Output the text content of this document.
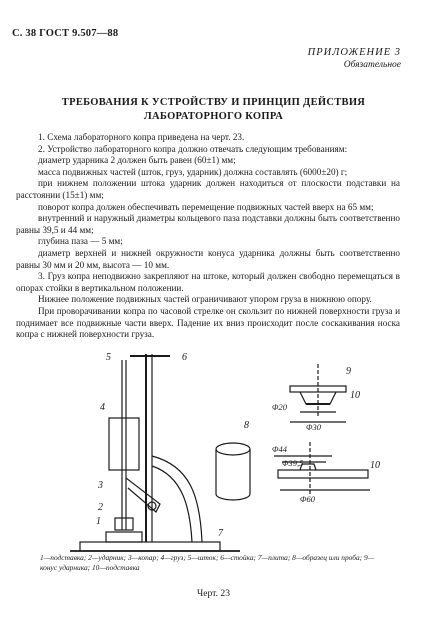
С. 38 ГОСТ 9.507—88
ПРИЛОЖЕНИЕ 3
Обязательное
ТРЕБОВАНИЯ К УСТРОЙСТВУ И ПРИНЦИП ДЕЙСТВИЯ
ЛАБОРАТОРНОГО КОПРА

1. Схема лабораторного копра приведена на черт. 23.

2. Устройство лабораторного копра должно отвечать следующим требованиям:

диаметр ударника 2 должен быть равен (60±1) мм;

масса подвижных частей (шток, груз, ударник) должна составлять (6000±20) г;

при нижнем положении штока ударник должен находиться от плоскости подставки на расстоянии (15±1) мм;

поворот копра должен обеспечивать перемещение подвижных частей вверх на 65 мм;

внутренний и наружный диаметры кольцевого паза подставки должны быть соответственно равны 39,5 и 44 мм;

глубина паза — 5 мм;

диаметр верхней и нижней окружности конуса ударника должны быть соответственно равны 30 мм и 20 мм, высота — 10 мм.

3. Груз копра неподвижно закрепляют на штоке, который должен свободно перемещаться в опорах стойки в вертикальном положении.

Нижнее положение подвижных частей ограничивают упором груза в нижнюю опору.

При проворачивании копра по часовой стрелке он скользит по нижней поверхности груза и поднимает все подвижные части вверх. Падение их вниз происходит после соскакивания носка копра с нижней поверхности груза.

5	6
4
3
2
1
7
8
9
10
10
Φ20
Φ30
Φ44
Φ39,5
Φ60
1—подставка; 2—ударник; 3—копар; 4—груз; 5—шток; 6—стойка; 7—плита; 8—образец или проба; 9—конус ударника; 10—подставка
Черт. 23
